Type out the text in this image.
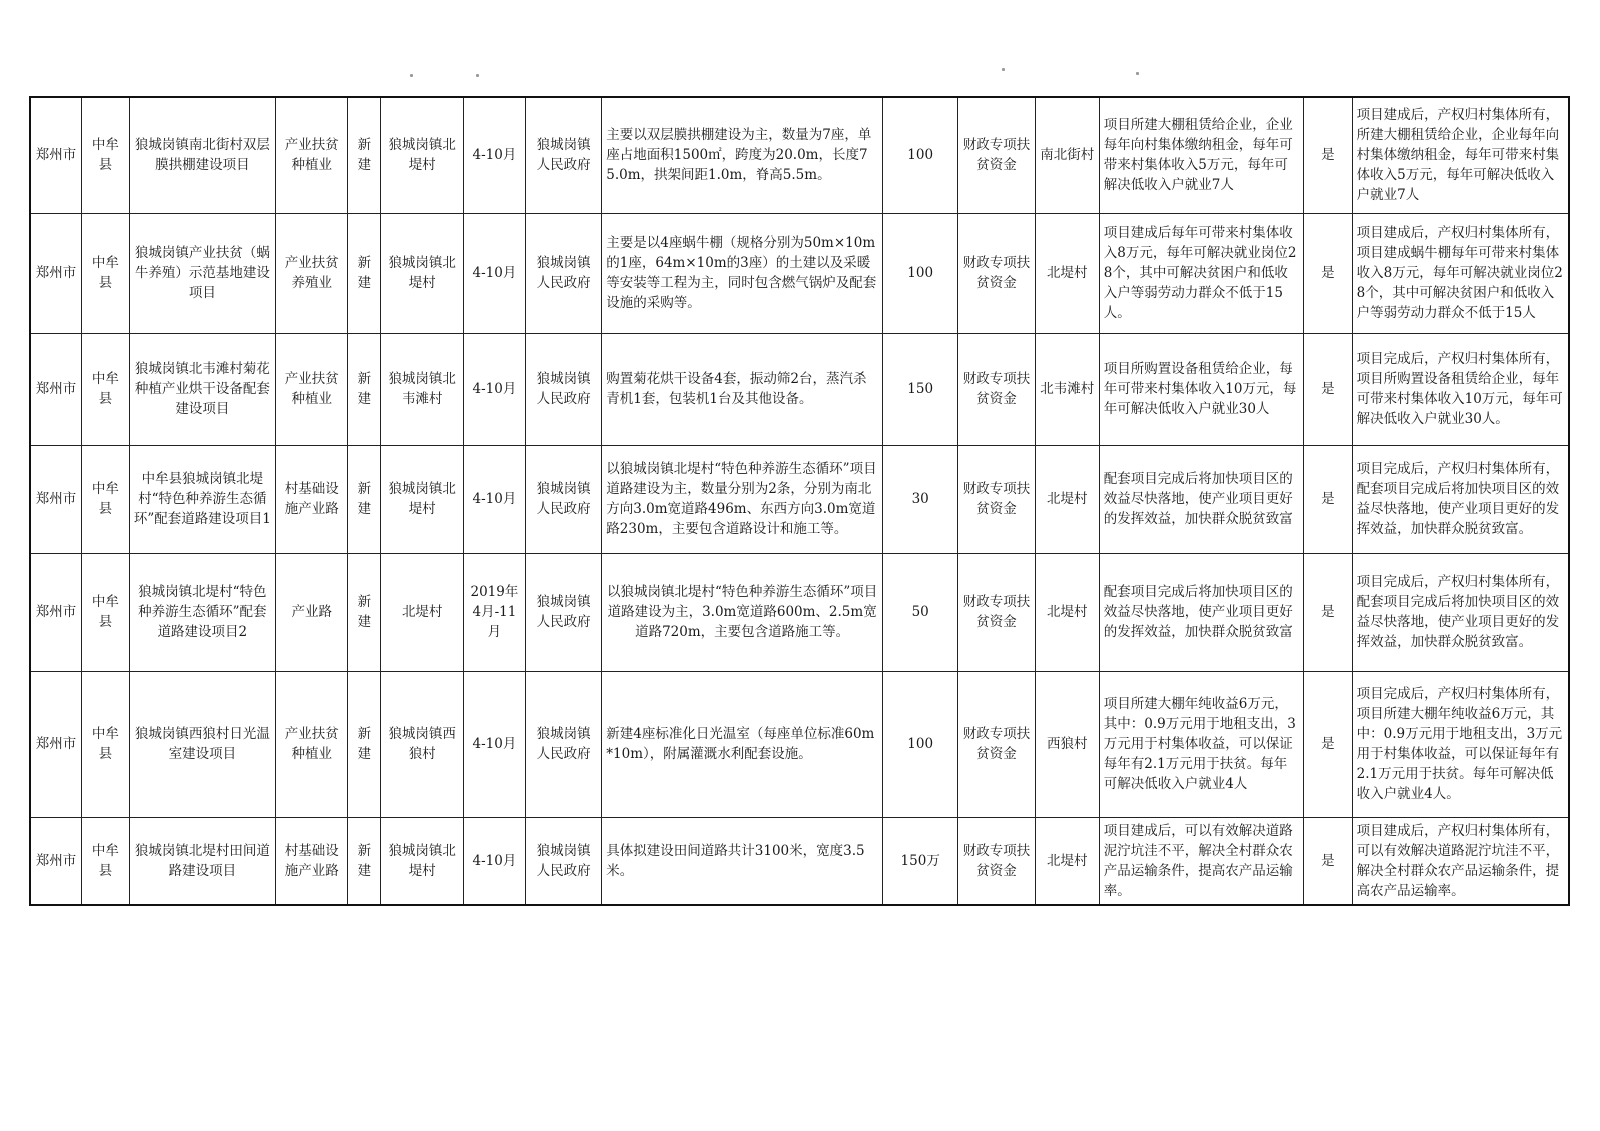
郑州市	中牟县	狼城岗镇南北街村双层膜拱棚建设项目	产业扶贫种植业	新建	狼城岗镇北堤村	4-10月	狼城岗镇人民政府	主要以双层膜拱棚建设为主，数量为7座，单座占地面积1500㎡，跨度为20.0m，长度75.0m，拱架间距1.0m，脊高5.5m。	100	财政专项扶贫资金	南北街村	项目所建大棚租赁给企业，企业每年向村集体缴纳租金，每年可带来村集体收入5万元，每年可解决低收入户就业7人	是	项目建成后，产权归村集体所有，所建大棚租赁给企业，企业每年向村集体缴纳租金，每年可带来村集体收入5万元，每年可解决低收入户就业7人
郑州市	中牟县	狼城岗镇产业扶贫（蜗牛养殖）示范基地建设项目	产业扶贫养殖业	新建	狼城岗镇北堤村	4-10月	狼城岗镇人民政府	主要是以4座蜗牛棚（规格分别为50m×10m的1座，64m×10m的3座）的土建以及采暖等安装等工程为主，同时包含燃气锅炉及配套设施的采购等。	100	财政专项扶贫资金	北堤村	项目建成后每年可带来村集体收入8万元，每年可解决就业岗位28个，其中可解决贫困户和低收入户等弱劳动力群众不低于15人。	是	项目建成后，产权归村集体所有，项目建成蜗牛棚每年可带来村集体收入8万元，每年可解决就业岗位28个，其中可解决贫困户和低收入户等弱劳动力群众不低于15人
郑州市	中牟县	狼城岗镇北韦滩村菊花种植产业烘干设备配套建设项目	产业扶贫种植业	新建	狼城岗镇北韦滩村	4-10月	狼城岗镇人民政府	购置菊花烘干设备4套，振动筛2台，蒸汽杀青机1套，包装机1台及其他设备。	150	财政专项扶贫资金	北韦滩村	项目所购置设备租赁给企业，每年可带来村集体收入10万元，每年可解决低收入户就业30人	是	项目完成后，产权归村集体所有，项目所购置设备租赁给企业，每年可带来村集体收入10万元，每年可解决低收入户就业30人。
郑州市	中牟县	中牟县狼城岗镇北堤村“特色种养游生态循环”配套道路建设项目1	村基础设施产业路	新建	狼城岗镇北堤村	4-10月	狼城岗镇人民政府	以狼城岗镇北堤村“特色种养游生态循环”项目道路建设为主，数量分别为2条，分别为南北方向3.0m宽道路496m、东西方向3.0m宽道路230m，主要包含道路设计和施工等。	30	财政专项扶贫资金	北堤村	配套项目完成后将加快项目区的效益尽快落地，使产业项目更好的发挥效益，加快群众脱贫致富	是	项目完成后，产权归村集体所有，配套项目完成后将加快项目区的效益尽快落地，使产业项目更好的发挥效益，加快群众脱贫致富。
郑州市	中牟县	狼城岗镇北堤村“特色种养游生态循环”配套道路建设项目2	产业路	新建	北堤村	2019年4月-11月	狼城岗镇人民政府	以狼城岗镇北堤村“特色种养游生态循环”项目道路建设为主，3.0m宽道路600m、2.5m宽道路720m，主要包含道路施工等。	50	财政专项扶贫资金	北堤村	配套项目完成后将加快项目区的效益尽快落地，使产业项目更好的发挥效益，加快群众脱贫致富	是	项目完成后，产权归村集体所有，配套项目完成后将加快项目区的效益尽快落地，使产业项目更好的发挥效益，加快群众脱贫致富。
郑州市	中牟县	狼城岗镇西狼村日光温室建设项目	产业扶贫种植业	新建	狼城岗镇西狼村	4-10月	狼城岗镇人民政府	新建4座标准化日光温室（每座单位标准60m*10m），附属灌溉水利配套设施。	100	财政专项扶贫资金	西狼村	项目所建大棚年纯收益6万元，其中：0.9万元用于地租支出，3万元用于村集体收益，可以保证每年有2.1万元用于扶贫。每年可解决低收入户就业4人	是	项目完成后，产权归村集体所有，项目所建大棚年纯收益6万元，其中：0.9万元用于地租支出，3万元用于村集体收益，可以保证每年有2.1万元用于扶贫。每年可解决低收入户就业4人。
郑州市	中牟县	狼城岗镇北堤村田间道路建设项目	村基础设施产业路	新建	狼城岗镇北堤村	4-10月	狼城岗镇人民政府	具体拟建设田间道路共计3100米，宽度3.5米。	150万	财政专项扶贫资金	北堤村	项目建成后，可以有效解决道路泥泞坑洼不平，解决全村群众农产品运输条件，提高农产品运输率。	是	项目建成后，产权归村集体所有，可以有效解决道路泥泞坑洼不平，解决全村群众农产品运输条件，提高农产品运输率。
